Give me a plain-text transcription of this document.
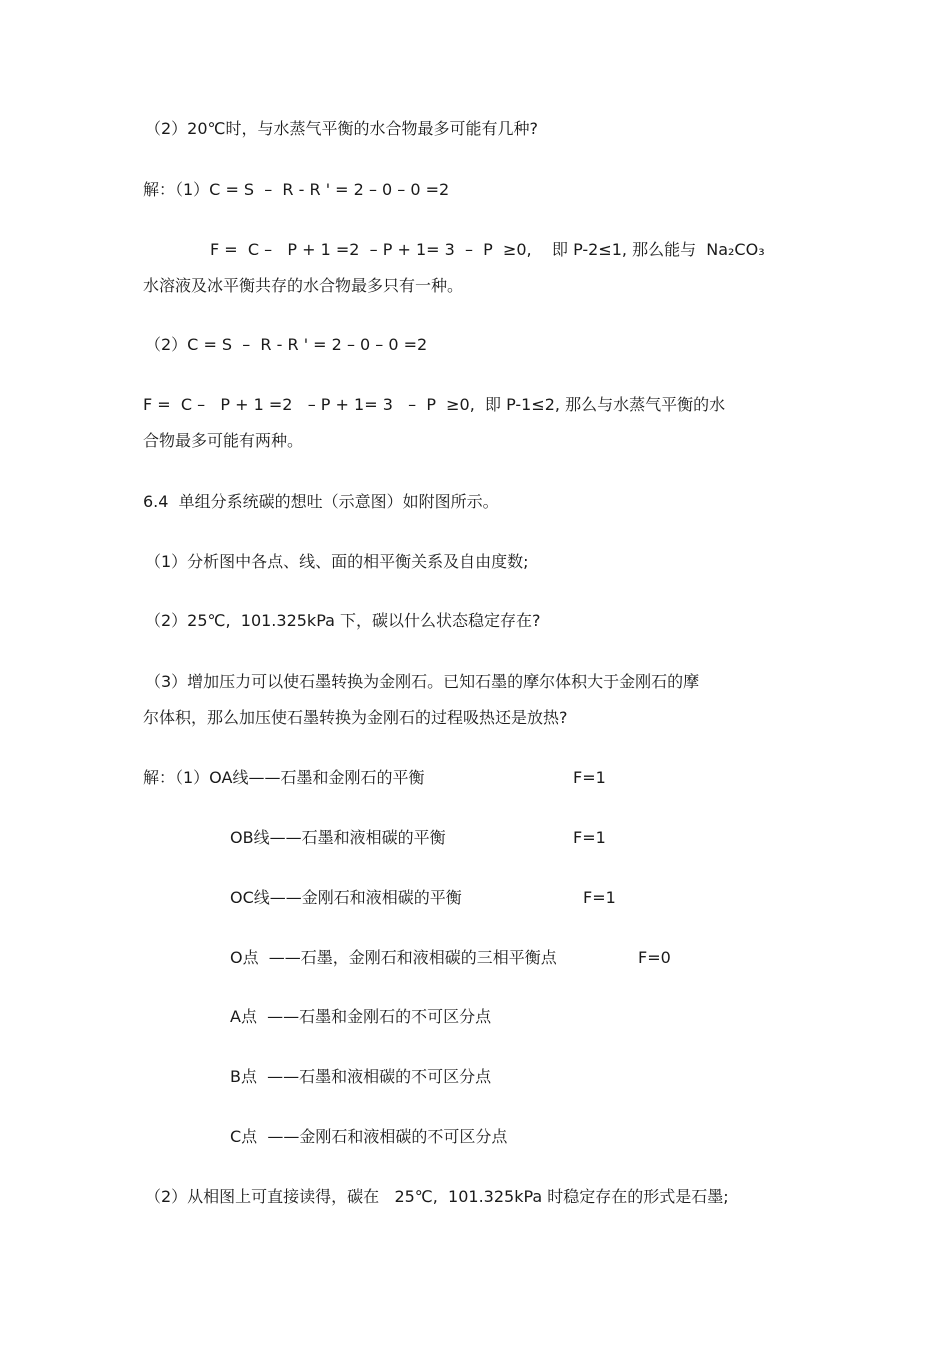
（2）20℃时，与水蒸气平衡的水合物最多可能有几种?
解：（1）C = S  –  R - R ' = 2 – 0 – 0 =2
F =  C –   P + 1 =2  – P + 1= 3  –  P  ≥0,    即 P-2≤1, 那么能与  Na₂CO₃
水溶液及冰平衡共存的水合物最多只有一种。
（2）C = S  –  R - R ' = 2 – 0 – 0 =2
F =  C –   P + 1 =2   – P + 1= 3   –  P  ≥0,  即 P-1≤2, 那么与水蒸气平衡的水
合物最多可能有两种。
6.4  单组分系统碳的想吐（示意图）如附图所示。
（1）分析图中各点、线、面的相平衡关系及自由度数;
（2）25℃,  101.325kPa 下，碳以什么状态稳定存在?
（3）增加压力可以使石墨转换为金刚石。已知石墨的摩尔体积大于金刚石的摩
尔体积，那么加压使石墨转换为金刚石的过程吸热还是放热?
解：（1）OA线——石墨和金刚石的平衡	F=1
OB线——石墨和液相碳的平衡	F=1
OC线——金刚石和液相碳的平衡	F=1
O点  ——石墨，金刚石和液相碳的三相平衡点	F=0
A点  ——石墨和金刚石的不可区分点
B点  ——石墨和液相碳的不可区分点
C点  ——金刚石和液相碳的不可区分点
（2）从相图上可直接读得，碳在   25℃,  101.325kPa 时稳定存在的形式是石墨;
